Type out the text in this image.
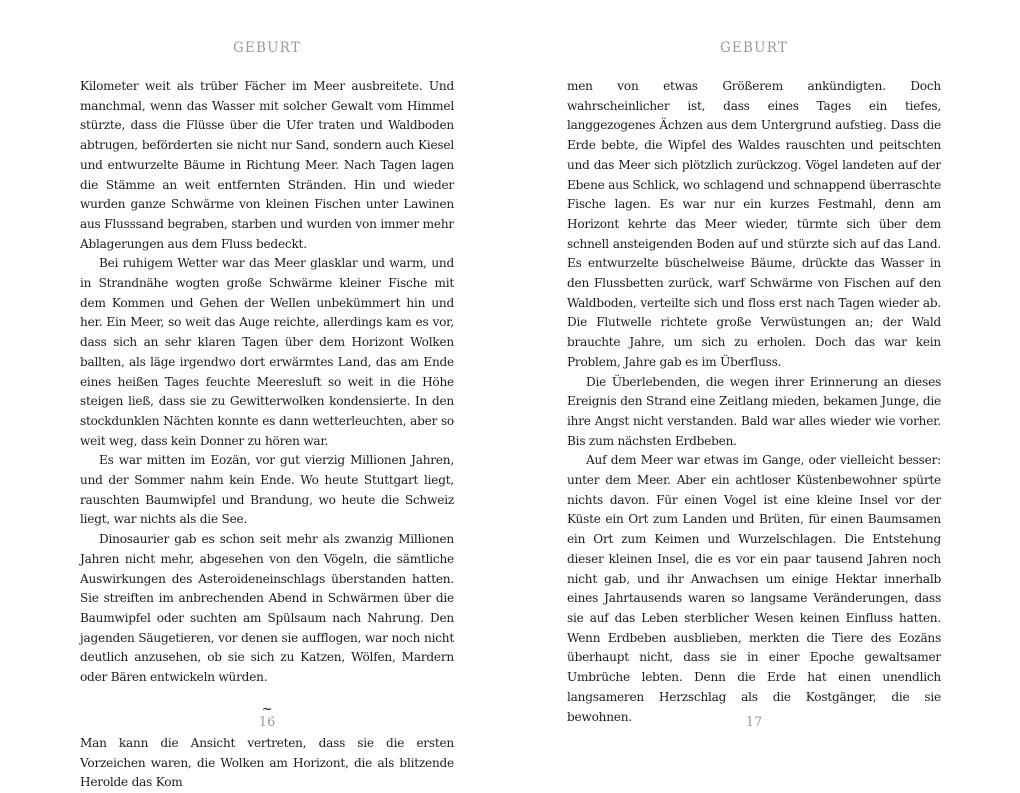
GEBURT

Kilometer weit als trüber Fächer im Meer ausbreitete. Und manchmal, wenn das Wasser mit solcher Gewalt vom Himmel stürzte, dass die Flüsse über die Ufer traten und Waldboden abtrugen, beförderten sie nicht nur Sand, sondern auch Kiesel und entwurzelte Bäume in Richtung Meer. Nach Tagen lagen die Stämme an weit entfernten Stränden. Hin und wieder wurden ganze Schwärme von kleinen Fischen unter Lawinen aus Flusssand begraben, starben und wurden von immer mehr Ablagerungen aus dem Fluss bedeckt.

Bei ruhigem Wetter war das Meer glasklar und warm, und in Strandnähe wogten große Schwärme kleiner Fische mit dem Kommen und Gehen der Wellen unbekümmert hin und her. Ein Meer, so weit das Auge reichte, allerdings kam es vor, dass sich an sehr klaren Tagen über dem Horizont Wolken ballten, als läge irgendwo dort erwärmtes Land, das am Ende eines heißen Tages feuchte Meeresluft so weit in die Höhe steigen ließ, dass sie zu Gewitterwolken kondensierte. In den stockdunklen Nächten konnte es dann wetterleuchten, aber so weit weg, dass kein Donner zu hören war.

Es war mitten im Eozän, vor gut vierzig Millionen Jahren, und der Sommer nahm kein Ende. Wo heute Stuttgart liegt, rauschten Baumwipfel und Brandung, wo heute die Schweiz liegt, war nichts als die See.

Dinosaurier gab es schon seit mehr als zwanzig Millionen Jahren nicht mehr, abgesehen von den Vögeln, die sämtliche Auswirkungen des Asteroideneinschlags überstanden hatten. Sie streiften im anbrechenden Abend in Schwärmen über die Baumwipfel oder suchten am Spülsaum nach Nahrung. Den jagenden Säugetieren, vor denen sie aufflogen, war noch nicht deutlich anzusehen, ob sie sich zu Katzen, Wölfen, Mardern oder Bären entwickeln würden.

~

Man kann die Ansicht vertreten, dass sie die ersten Vorzeichen waren, die Wolken am Horizont, die als blitzende Herolde das Kom

16
GEBURT

men von etwas Größerem ankündigten. Doch wahrscheinlicher ist, dass eines Tages ein tiefes, langgezogenes Ächzen aus dem Untergrund aufstieg. Dass die Erde bebte, die Wipfel des Waldes rauschten und peitschten und das Meer sich plötzlich zurückzog. Vögel landeten auf der Ebene aus Schlick, wo schlagend und schnappend überraschte Fische lagen. Es war nur ein kurzes Festmahl, denn am Horizont kehrte das Meer wieder, türmte sich über dem schnell ansteigenden Boden auf und stürzte sich auf das Land. Es entwurzelte büschelweise Bäume, drückte das Wasser in den Flussbetten zurück, warf Schwärme von Fischen auf den Waldboden, verteilte sich und floss erst nach Tagen wieder ab. Die Flutwelle richtete große Verwüstungen an; der Wald brauchte Jahre, um sich zu erholen. Doch das war kein Problem, Jahre gab es im Überfluss.

Die Überlebenden, die wegen ihrer Erinnerung an dieses Ereignis den Strand eine Zeitlang mieden, bekamen Junge, die ihre Angst nicht verstanden. Bald war alles wieder wie vorher. Bis zum nächsten Erdbeben.

Auf dem Meer war etwas im Gange, oder vielleicht besser: unter dem Meer. Aber ein achtloser Küstenbewohner spürte nichts davon. Für einen Vogel ist eine kleine Insel vor der Küste ein Ort zum Landen und Brüten, für einen Baumsamen ein Ort zum Keimen und Wurzelschlagen. Die Entstehung dieser kleinen Insel, die es vor ein paar tausend Jahren noch nicht gab, und ihr Anwachsen um einige Hektar innerhalb eines Jahrtausends waren so langsame Veränderungen, dass sie auf das Leben sterblicher Wesen keinen Einfluss hatten. Wenn Erdbeben ausblieben, merkten die Tiere des Eozäns überhaupt nicht, dass sie in einer Epoche gewaltsamer Umbrüche lebten. Denn die Erde hat einen unendlich langsameren Herzschlag als die Kostgänger, die sie bewohnen.	17
